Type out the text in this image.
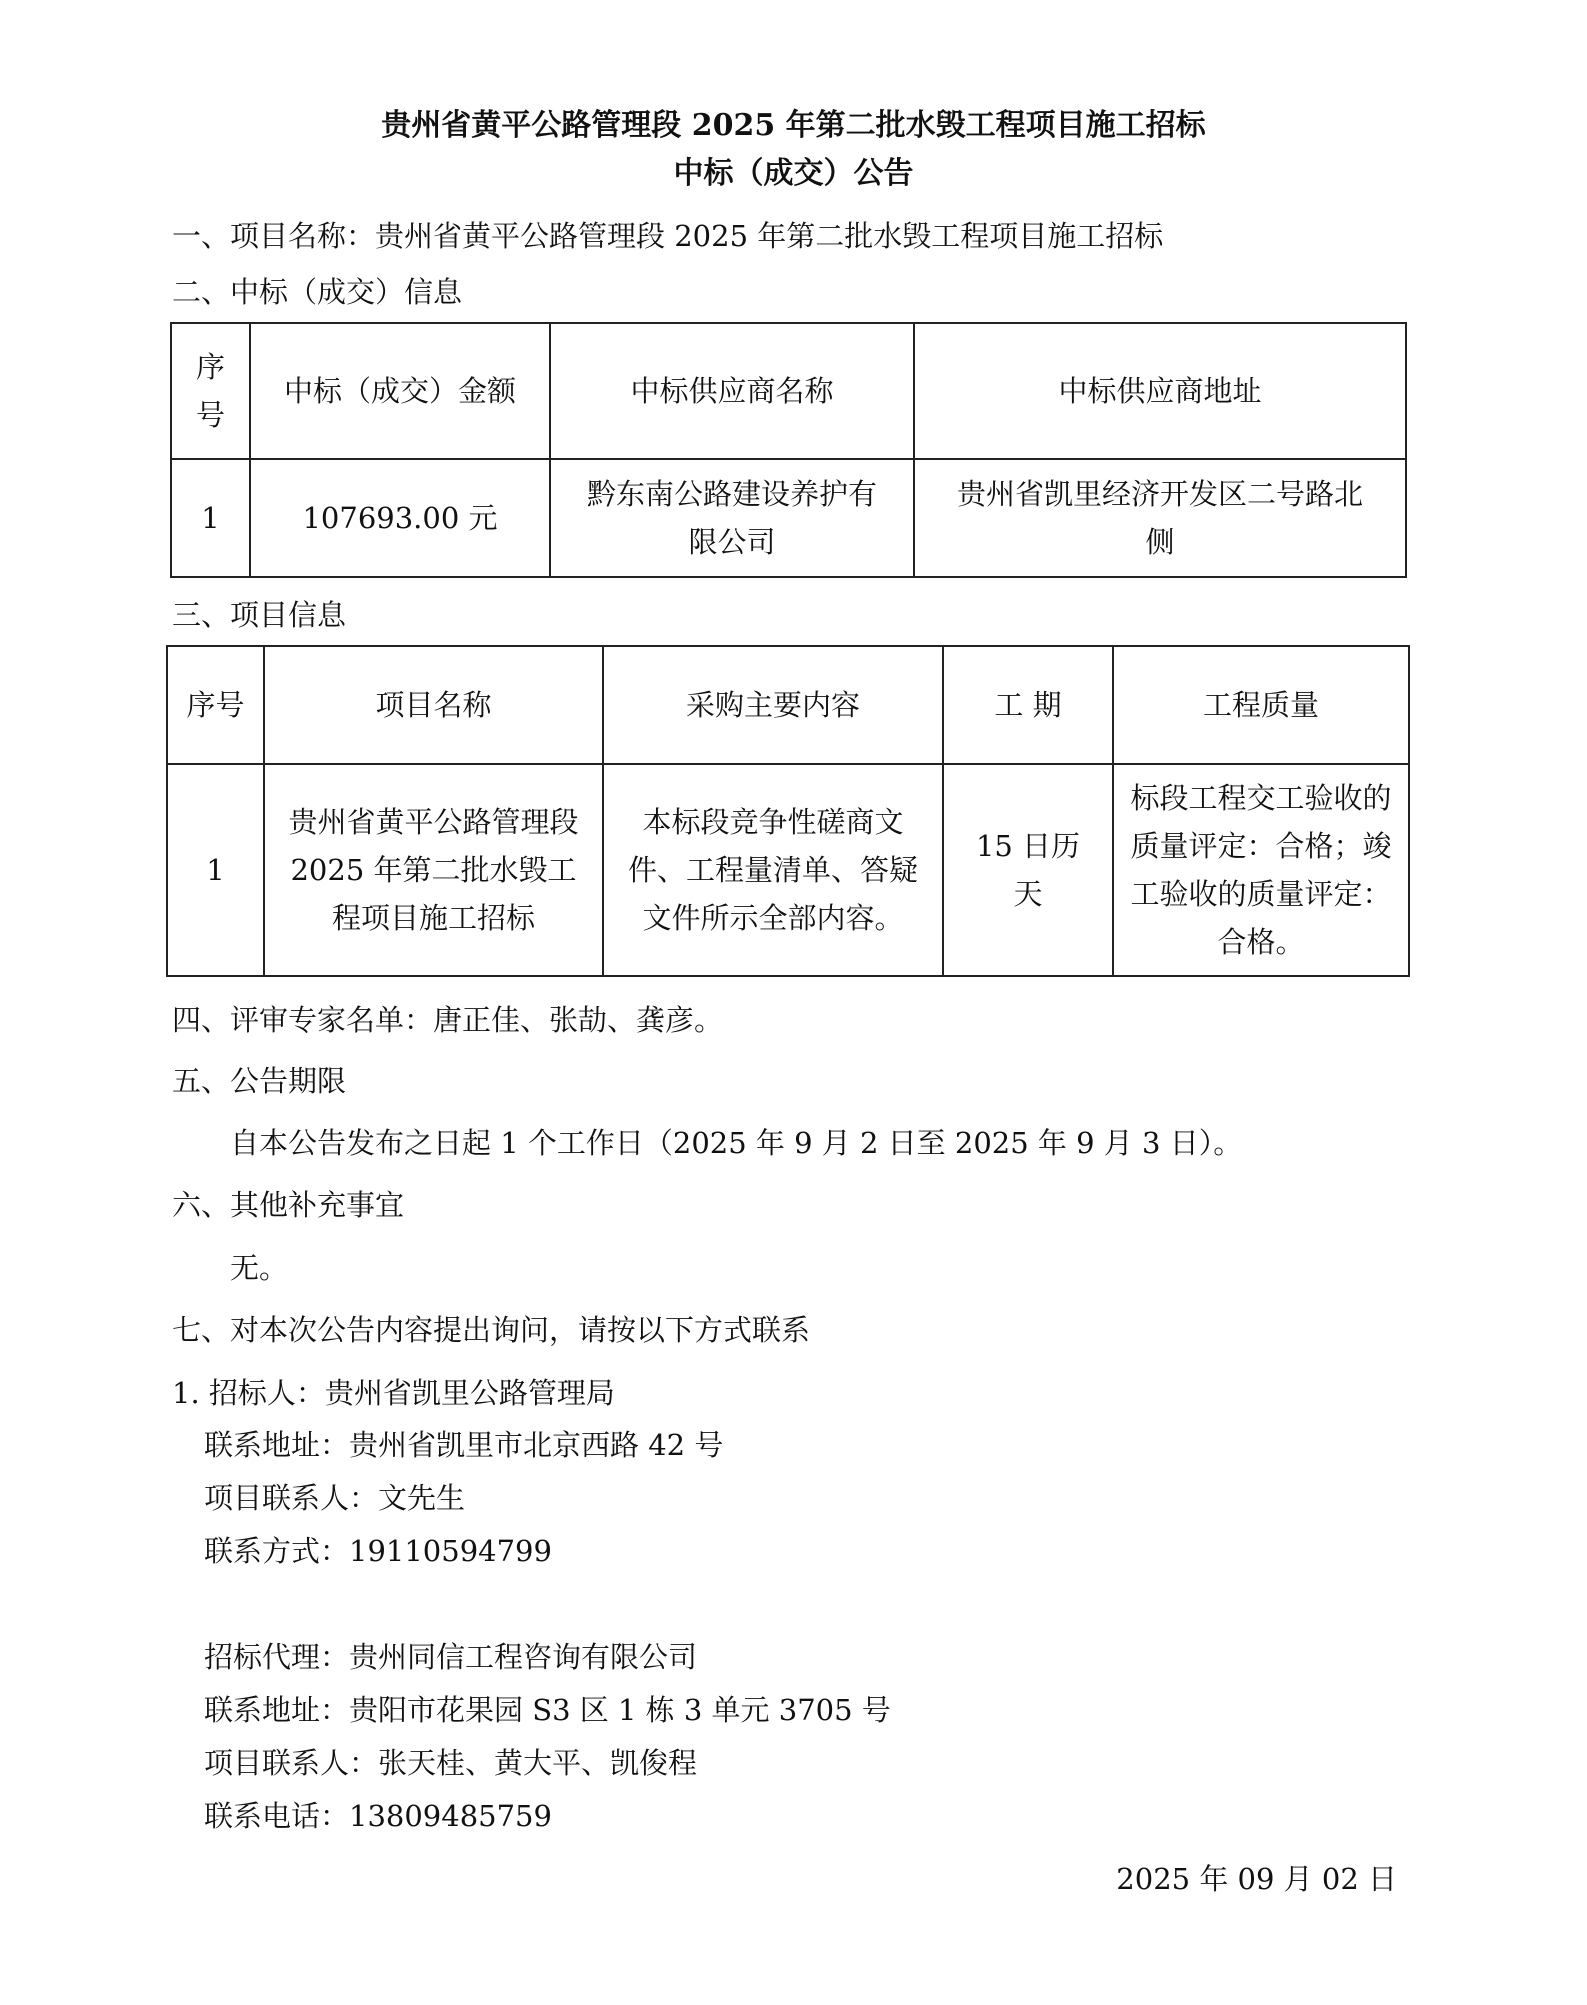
贵州省黄平公路管理段 2025 年第二批水毁工程项目施工招标
中标（成交）公告
一、项目名称：贵州省黄平公路管理段 2025 年第二批水毁工程项目施工招标
二、中标（成交）信息
序号	中标（成交）金额	中标供应商名称	中标供应商地址
1	107693.00 元	黔东南公路建设养护有限公司	贵州省凯里经济开发区二号路北侧
三、项目信息
序号	项目名称	采购主要内容	工 期	工程质量
1	贵州省黄平公路管理段 2025 年第二批水毁工程项目施工招标	本标段竞争性磋商文件、工程量清单、答疑文件所示全部内容。	15 日历天	标段工程交工验收的质量评定：合格；竣工验收的质量评定：合格。
四、评审专家名单：唐正佳、张劼、龚彦。
五、公告期限
自本公告发布之日起 1 个工作日（2025 年 9 月 2 日至 2025 年 9 月 3 日）。
六、其他补充事宜
无。
七、对本次公告内容提出询问，请按以下方式联系
1. 招标人：贵州省凯里公路管理局
联系地址：贵州省凯里市北京西路 42 号
项目联系人：文先生
联系方式：19110594799
招标代理：贵州同信工程咨询有限公司
联系地址：贵阳市花果园 S3 区 1 栋 3 单元 3705 号
项目联系人：张天桂、黄大平、凯俊程
联系电话：13809485759
2025 年 09 月 02 日
